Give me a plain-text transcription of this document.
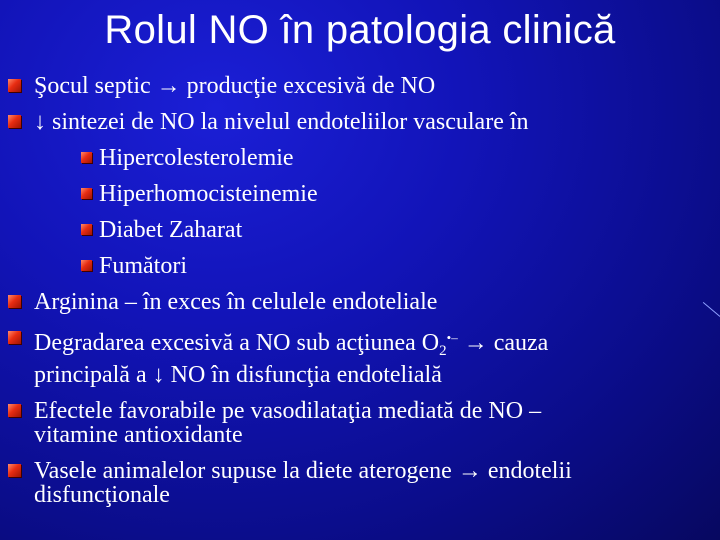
Rolul NO în patologia clinică
Şocul septic → producţie excesivă de NO
↓ sintezei de NO la nivelul endoteliilor vasculare în
Hipercolesterolemie
Hiperhomocisteinemie
Diabet Zaharat
Fumători
Arginina – în exces în celulele endoteliale
Degradarea excesivă a NO sub acţiunea $O_2^{•-}$ → cauza
principală a ↓ NO în disfuncţia endotelială
Efectele favorabile pe vasodilataţia mediată de NO –
vitamine antioxidante
Vasele animalelor supuse la diete aterogene → endotelii
disfuncţionale
